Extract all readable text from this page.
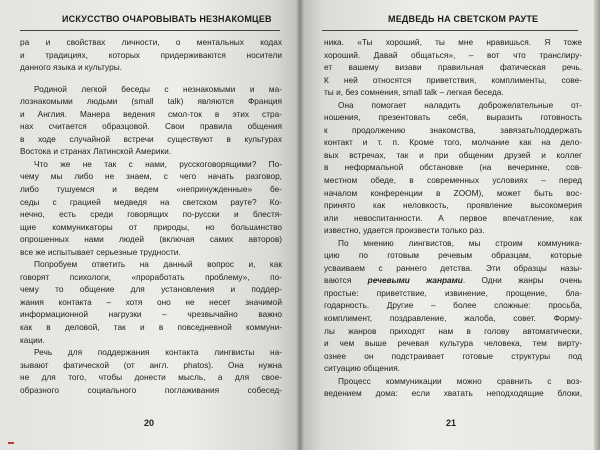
ИСКУССТВО ОЧАРОВЫВАТЬ НЕЗНАКОМЦЕВ
ра и свойствах личности, о ментальных кодах
и традициях, которых придерживаются носители
данного языка и культуры.
Родиной легкой беседы с незнакомыми и ма-
лознакомыми людьми (small talk) являются Франция
и Англия. Манера ведения смол-ток в этих стра-
нах считается образцовой. Свои правила общения
в ходе случайной встречи существуют в культурах
Востока и странах Латинской Америки.
Что же не так с нами, русскоговорящими? По-
чему мы либо не знаем, с чего начать разговор,
либо тушуемся и ведем «непринужденные» бе-
седы с грацией медведя на светском рауте? Ко-
нечно, есть среди говорящих по-русски и блестя-
щие коммуникаторы от природы, но большинство
опрошенных нами людей (включая самих авторов)
все же испытывает серьезные трудности.
Попробуем ответить на данный вопрос и, как
говорят психологи, «проработать проблему», по-
чему то общение для установления и поддер-
жания контакта – хотя оно не несет значимой
информационной нагрузки – чрезвычайно важно
как в деловой, так и в повседневной коммуни-
кации.
Речь для поддержания контакта лингвисты на-
зывают фатической (от англ. phatos). Она нужна
не для того, чтобы донести мысль, а для свое-
образного социального поглаживания собесед-
20
МЕДВЕДЬ НА СВЕТСКОМ РАУТЕ
ника. «Ты хороший, ты мне нравишься. Я тоже
хороший. Давай общаться», – вот что транслиру-
ет вашему визави правильная фатическая речь.
К ней относятся приветствия, комплименты, сове-
ты и, без сомнения, small talk – легкая беседа.
Она помогает наладить доброжелательные от-
ношения, презентовать себя, выразить готовность
к продолжению знакомства, завязать/поддержать
контакт и т. п. Кроме того, молчание как на дело-
вых встречах, так и при общении друзей и коллег
в неформальной обстановке (на вечеринке, сов-
местном обеде, в современных условиях – перед
началом конференции в ZOOM), может быть вос-
принято как неловкость, проявление высокомерия
или невоспитанности. А первое впечатление, как
известно, удается произвести только раз.
По мнению лингвистов, мы строим коммуника-
цию по готовым речевым образцам, которые
усваиваем с раннего детства. Эти образцы назы-
ваются речевыми жанрами. Одни жанры очень
простые: приветствие, извинение, прощение, бла-
годарность. Другие – более сложные: просьба,
комплимент, поздравление, жалоба, совет. Форму-
лы жанров приходят нам в голову автоматически,
и чем выше речевая культура человека, тем вирту-
ознее он подстраивает готовые структуры под
ситуацию общения.
Процесс коммуникации можно сравнить с воз-
ведением дома: если хватать неподходящие блоки,
21
